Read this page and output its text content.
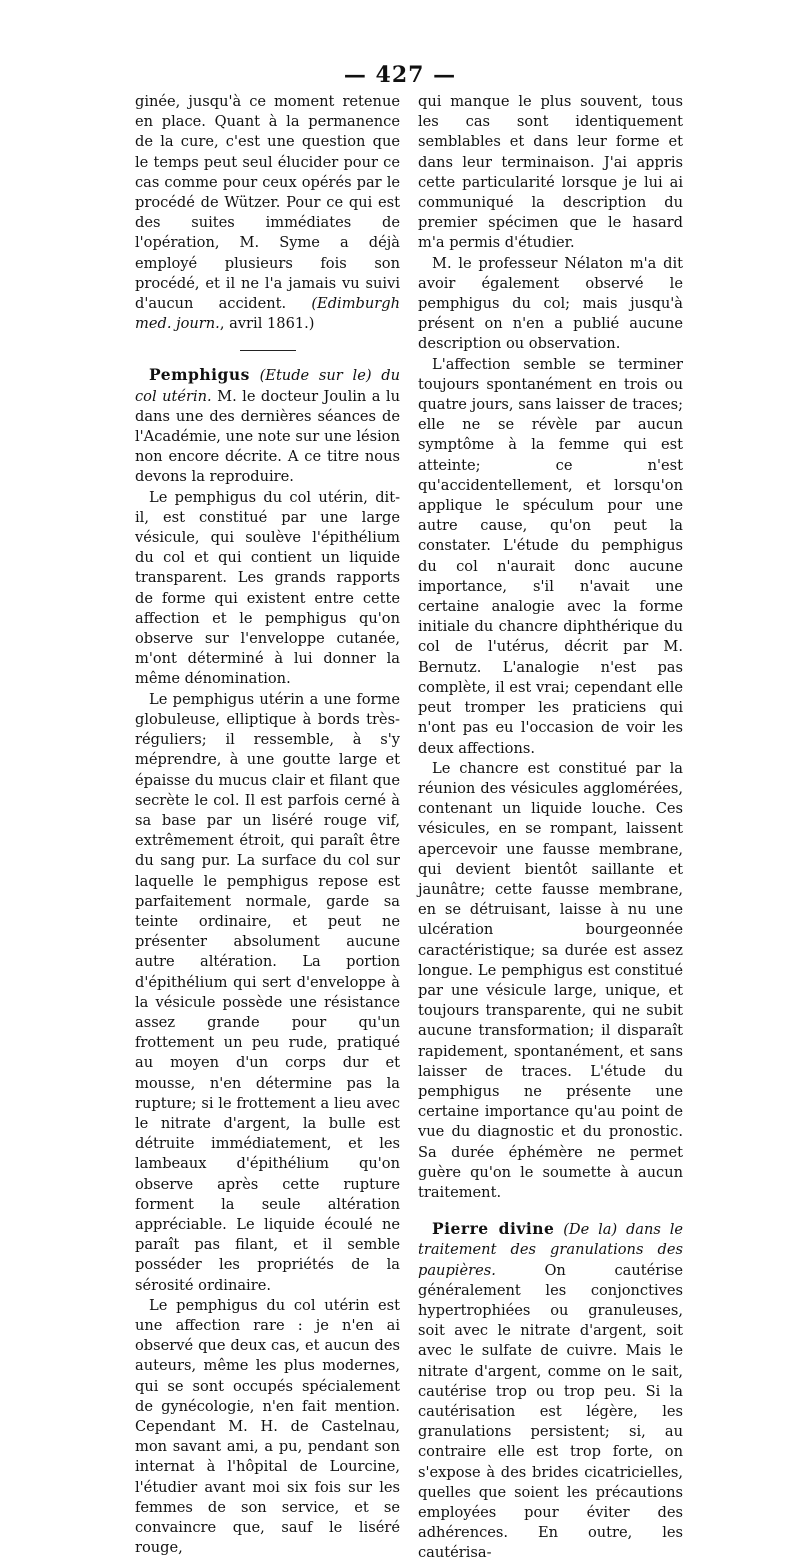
— 427 —

ginée, jusqu'à ce moment retenue en place. Quant à la permanence de la cure, c'est une question que le temps peut seul élucider pour ce cas comme pour ceux opérés par le procédé de Wützer. Pour ce qui est des suites immédiates de l'opération, M. Syme a déjà employé plusieurs fois son procédé, et il ne l'a jamais vu suivi d'aucun accident. (Edimburgh med. journ., avril 1861.)

Pemphigus (Etude sur le) du col utérin. M. le docteur Joulin a lu dans une des dernières séances de l'Académie, une note sur une lésion non encore décrite. A ce titre nous devons la reproduire.

Le pemphigus du col utérin, dit-il, est constitué par une large vésicule, qui soulève l'épithélium du col et qui contient un liquide transparent. Les grands rapports de forme qui existent entre cette affection et le pemphigus qu'on observe sur l'enveloppe cutanée, m'ont déterminé à lui donner la même dénomination.

Le pemphigus utérin a une forme globuleuse, elliptique à bords très-réguliers; il ressemble, à s'y méprendre, à une goutte large et épaisse du mucus clair et filant que secrète le col. Il est parfois cerné à sa base par un liséré rouge vif, extrêmement étroit, qui paraît être du sang pur. La surface du col sur laquelle le pemphigus repose est parfaitement normale, garde sa teinte ordinaire, et peut ne présenter absolument aucune autre altération. La portion d'épithélium qui sert d'enveloppe à la vésicule possède une résistance assez grande pour qu'un frottement un peu rude, pratiqué au moyen d'un corps dur et mousse, n'en détermine pas la rupture; si le frottement a lieu avec le nitrate d'argent, la bulle est détruite immédiatement, et les lambeaux d'épithélium qu'on observe après cette rupture forment la seule altération appréciable. Le liquide écoulé ne paraît pas filant, et il semble posséder les propriétés de la sérosité ordinaire.

Le pemphigus du col utérin est une affection rare : je n'en ai observé que deux cas, et aucun des auteurs, même les plus modernes, qui se sont occupés spécialement de gynécologie, n'en fait mention. Cependant M. H. de Castelnau, mon savant ami, a pu, pendant son internat à l'hôpital de Lourcine, l'étudier avant moi six fois sur les femmes de son service, et se convaincre que, sauf le liséré rouge,

qui manque le plus souvent, tous les cas sont identiquement semblables et dans leur forme et dans leur terminaison. J'ai appris cette particularité lorsque je lui ai communiqué la description du premier spécimen que le hasard m'a permis d'étudier.

M. le professeur Nélaton m'a dit avoir également observé le pemphigus du col; mais jusqu'à présent on n'en a publié aucune description ou observation.

L'affection semble se terminer toujours spontanément en trois ou quatre jours, sans laisser de traces; elle ne se révèle par aucun symptôme à la femme qui est atteinte; ce n'est qu'accidentellement, et lorsqu'on applique le spéculum pour une autre cause, qu'on peut la constater. L'étude du pemphigus du col n'aurait donc aucune importance, s'il n'avait une certaine analogie avec la forme initiale du chancre diphthérique du col de l'utérus, décrit par M. Bernutz. L'analogie n'est pas complète, il est vrai; cependant elle peut tromper les praticiens qui n'ont pas eu l'occasion de voir les deux affections.

Le chancre est constitué par la réunion des vésicules agglomérées, contenant un liquide louche. Ces vésicules, en se rompant, laissent apercevoir une fausse membrane, qui devient bientôt saillante et jaunâtre; cette fausse membrane, en se détruisant, laisse à nu une ulcération bourgeonnée caractéristique; sa durée est assez longue. Le pemphigus est constitué par une vésicule large, unique, et toujours transparente, qui ne subit aucune transformation; il disparaît rapidement, spontanément, et sans laisser de traces. L'étude du pemphigus ne présente une certaine importance qu'au point de vue du diagnostic et du pronostic. Sa durée éphémère ne permet guère qu'on le soumette à aucun traitement.

Pierre divine (De la) dans le traitement des granulations des paupières. On cautérise généralement les conjonctives hypertrophiées ou granuleuses, soit avec le nitrate d'argent, soit avec le sulfate de cuivre. Mais le nitrate d'argent, comme on le sait, cautérise trop ou trop peu. Si la cautérisation est légère, les granulations persistent; si, au contraire elle est trop forte, on s'expose à des brides cicatricielles, quelles que soient les précautions employées pour éviter des adhérences. En outre, les cautérisa-
